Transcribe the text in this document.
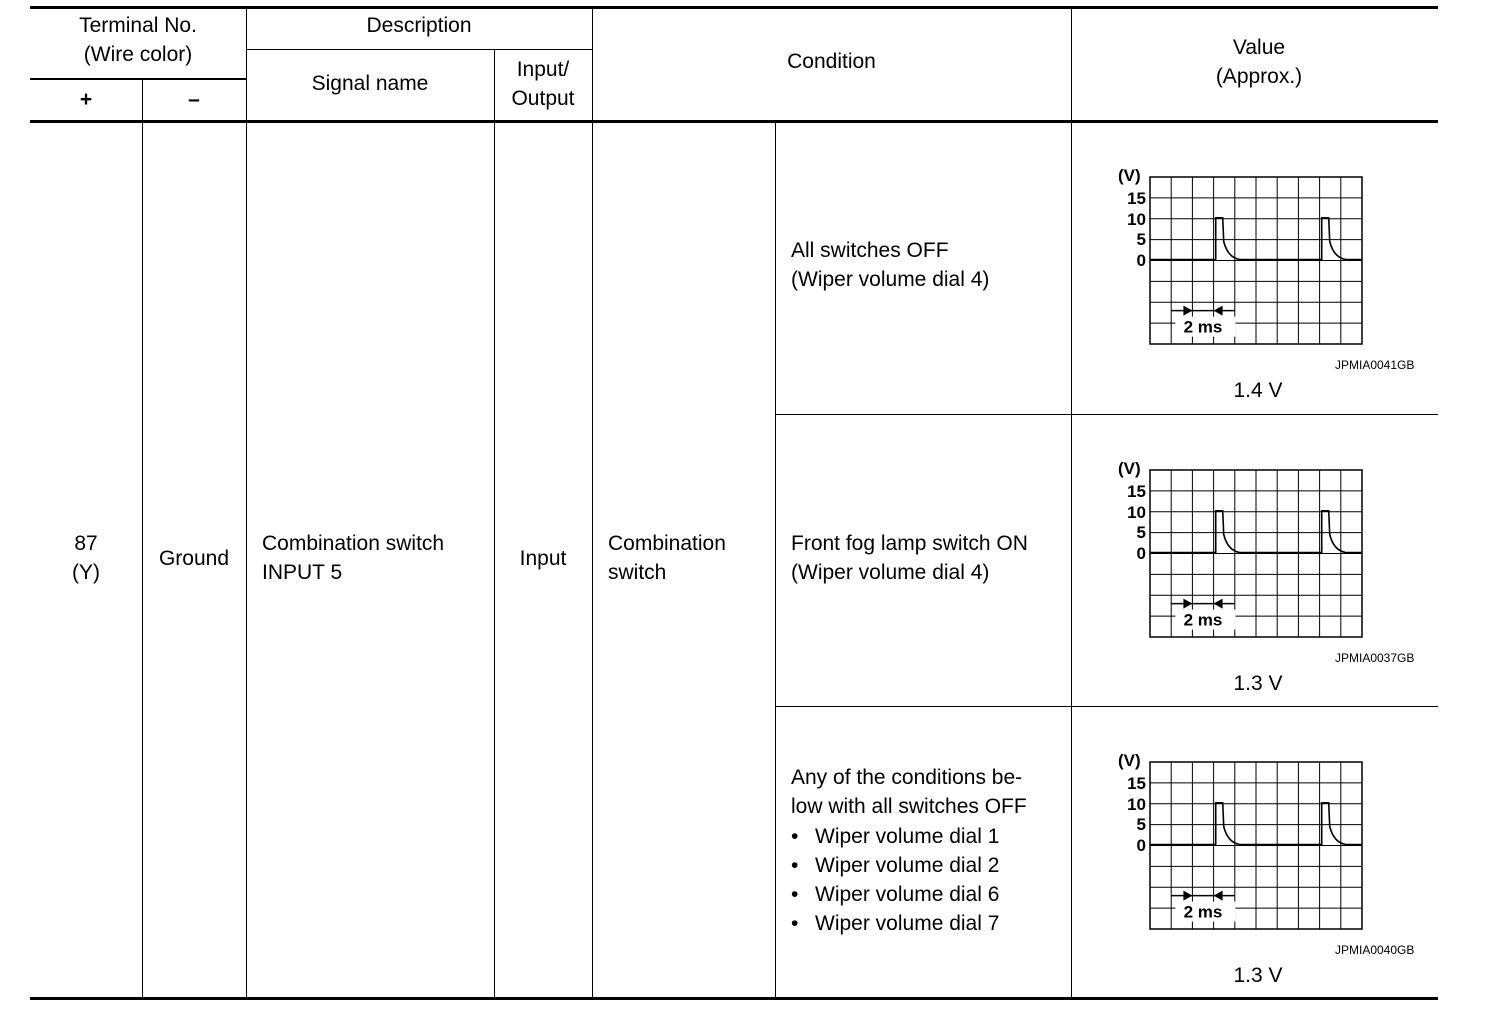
Terminal No.
(Wire color)
+	–
Description
Signal name
Input/
Output
Condition
Value
(Approx.)
87
(Y)
Ground
Combination switch
INPUT 5
Input
Combination
switch
All switches OFF
(Wiper volume dial 4)
Front fog lamp switch ON
(Wiper volume dial 4)
Any of the conditions be-
low with all switches OFF
• Wiper volume dial 1
• Wiper volume dial 2
• Wiper volume dial 6
• Wiper volume dial 7
(V)
15
10
5
0
2 ms
JPMIA0041GB
1.4 V
(V)
15
10
5
0
2 ms
JPMIA0037GB
1.3 V
(V)
15
10
5
0
2 ms
JPMIA0040GB
1.3 V
